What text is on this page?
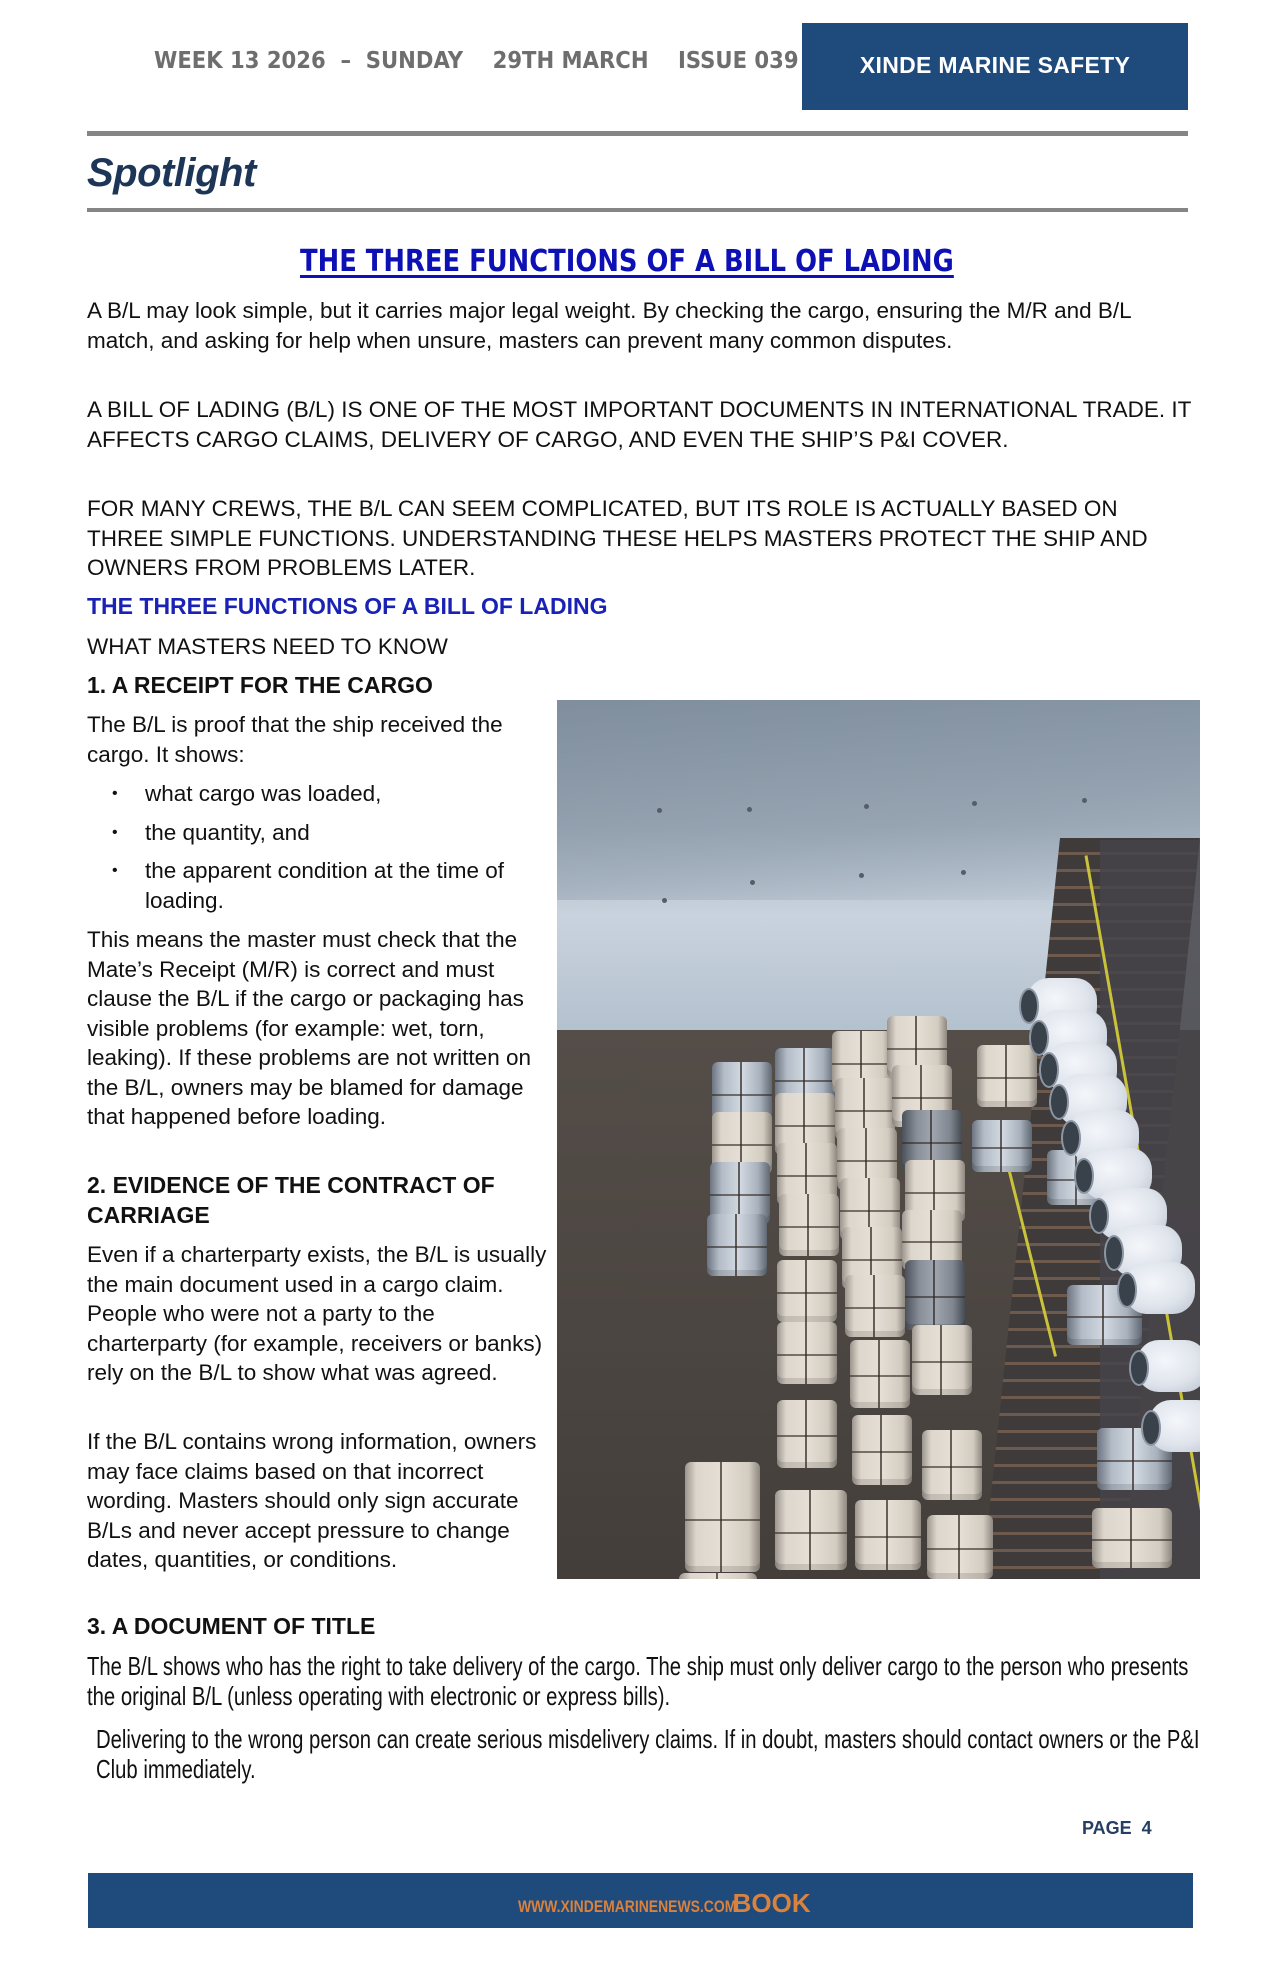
WEEK 13 2026  –  SUNDAY    29TH MARCH    ISSUE 039	XINDE MARINE SAFETY
Spotlight
THE THREE FUNCTIONS OF A BILL OF LADING
A B/L may look simple, but it carries major legal weight. By checking the cargo, ensuring the M/R and B/L match, and asking for help when unsure, masters can prevent many common disputes.
A BILL OF LADING (B/L) IS ONE OF THE MOST IMPORTANT DOCUMENTS IN INTERNATIONAL TRADE. IT AFFECTS CARGO CLAIMS, DELIVERY OF CARGO, AND EVEN THE SHIP’S P&I COVER.
FOR MANY CREWS, THE B/L CAN SEEM COMPLICATED, BUT ITS ROLE IS ACTUALLY BASED ON THREE SIMPLE FUNCTIONS. UNDERSTANDING THESE HELPS MASTERS PROTECT THE SHIP AND OWNERS FROM PROBLEMS LATER.
THE THREE FUNCTIONS OF A BILL OF LADING
WHAT MASTERS NEED TO KNOW
1. A RECEIPT FOR THE CARGO
The B/L is proof that the ship received the cargo. It shows:
• what cargo was loaded,
• the quantity, and
• the apparent condition at the time of loading.
This means the master must check that the Mate’s Receipt (M/R) is correct and must clause the B/L if the cargo or packaging has visible problems (for example: wet, torn, leaking). If these problems are not written on the B/L, owners may be blamed for damage that happened before loading.
2. EVIDENCE OF THE CONTRACT OF CARRIAGE
Even if a charterparty exists, the B/L is usually the main document used in a cargo claim. People who were not a party to the charterparty (for example, receivers or banks) rely on the B/L to show what was agreed.
If the B/L contains wrong information, owners may face claims based on that incorrect wording. Masters should only sign accurate B/Ls and never accept pressure to change dates, quantities, or conditions.
3. A DOCUMENT OF TITLE
The B/L shows who has the right to take delivery of the cargo. The ship must only deliver cargo to the person who presents the original B/L (unless operating with electronic or express bills).
Delivering to the wrong person can create serious misdelivery claims. If in doubt, masters should contact owners or the P&I Club immediately.
PAGE  4
WWW.XINDEMARINENEWS.COMBOOK
